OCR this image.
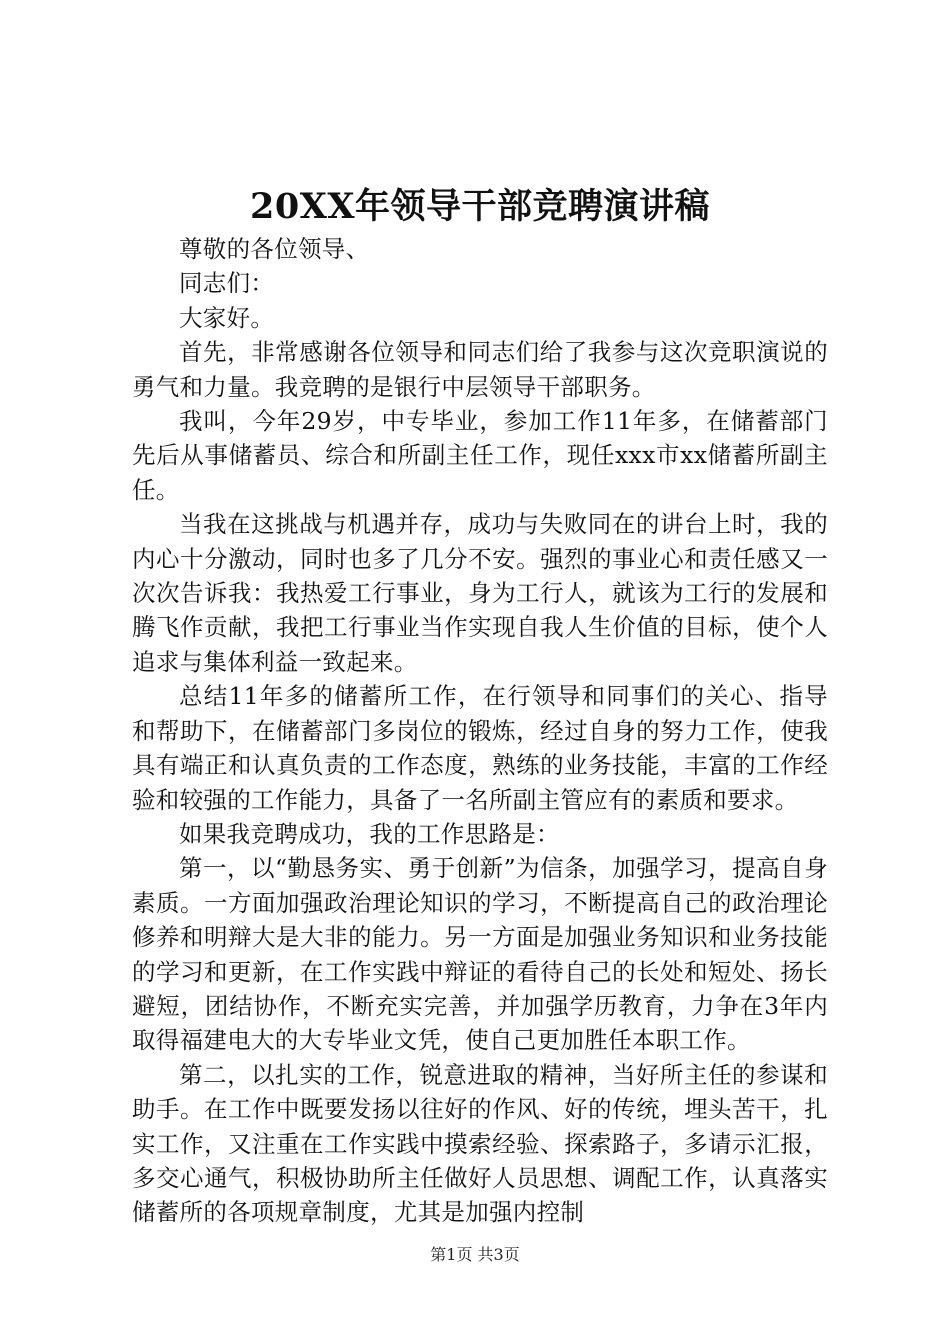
20XX年领导干部竞聘演讲稿

尊敬的各位领导、

同志们：

大家好。

首先，非常感谢各位领导和同志们给了我参与这次竞职演说的勇气和力量。我竞聘的是银行中层领导干部职务。

我叫，今年29岁，中专毕业，参加工作11年多，在储蓄部门先后从事储蓄员、综合和所副主任工作，现任xxx市xx储蓄所副主任。

当我在这挑战与机遇并存，成功与失败同在的讲台上时，我的内心十分激动，同时也多了几分不安。强烈的事业心和责任感又一次次告诉我：我热爱工行事业，身为工行人，就该为工行的发展和腾飞作贡献，我把工行事业当作实现自我人生价值的目标，使个人追求与集体利益一致起来。

总结11年多的储蓄所工作，在行领导和同事们的关心、指导和帮助下，在储蓄部门多岗位的锻炼，经过自身的努力工作，使我具有端正和认真负责的工作态度，熟练的业务技能，丰富的工作经验和较强的工作能力，具备了一名所副主管应有的素质和要求。

如果我竞聘成功，我的工作思路是：

第一，以“勤恳务实、勇于创新”为信条，加强学习，提高自身素质。一方面加强政治理论知识的学习，不断提高自己的政治理论修养和明辩大是大非的能力。另一方面是加强业务知识和业务技能的学习和更新，在工作实践中辩证的看待自己的长处和短处、扬长避短，团结协作，不断充实完善，并加强学历教育，力争在3年内取得福建电大的大专毕业文凭，使自己更加胜任本职工作。

第二，以扎实的工作，锐意进取的精神，当好所主任的参谋和助手。在工作中既要发扬以往好的作风、好的传统，埋头苦干，扎实工作，又注重在工作实践中摸索经验、探索路子，多请示汇报，多交心通气，积极协助所主任做好人员思想、调配工作，认真落实储蓄所的各项规章制度，尤其是加强内控制

第1页 共3页
